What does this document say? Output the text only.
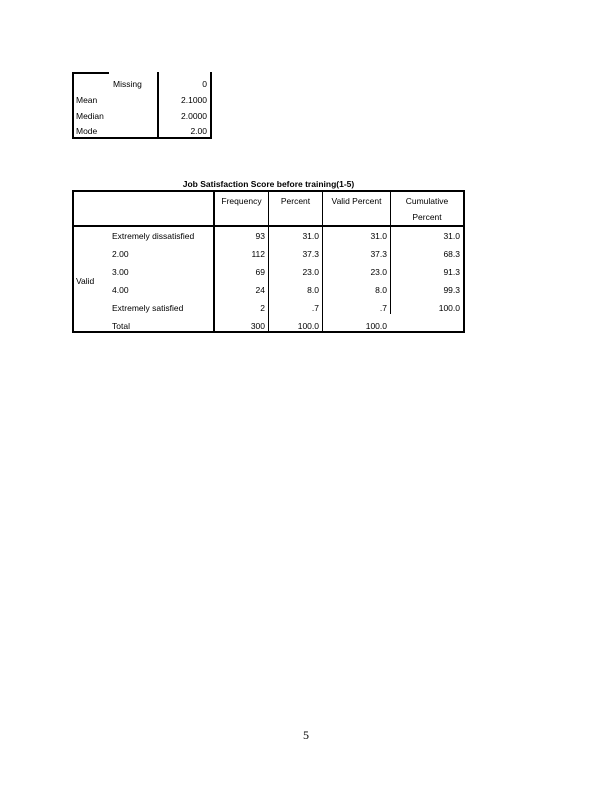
Missing	0
Mean	2.1000
Median	2.0000
Mode	2.00
Job Satisfaction Score before training(1-5)
Frequency	Percent	Valid Percent	Cumulative
Percent
Valid
Extremely dissatisfied	93	31.0	31.0	31.0
2.00	112	37.3	37.3	68.3
3.00	69	23.0	23.0	91.3
4.00	24	8.0	8.0	99.3
Extremely satisfied	2	.7	.7	100.0
Total	300	100.0	100.0
5
